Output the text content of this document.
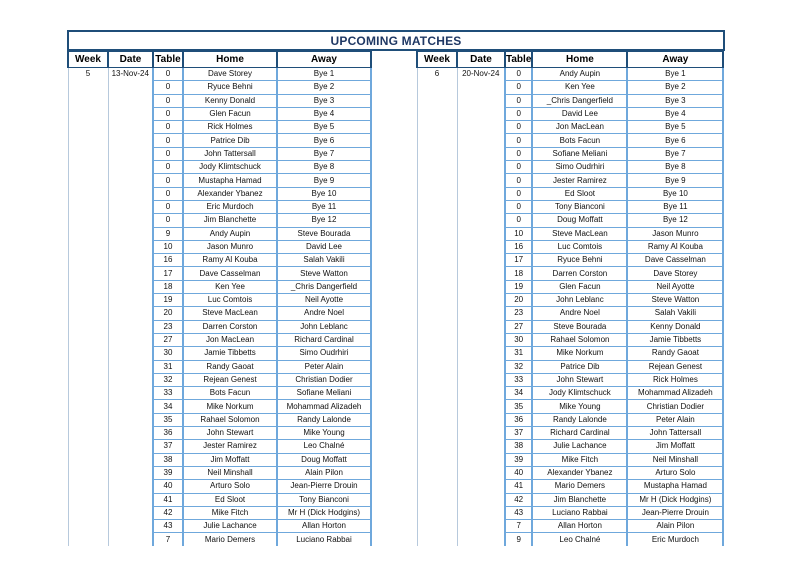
UPCOMING MATCHES
Week	Date	Table	Home	Away
5	13-Nov-24	0	Dave Storey	Bye 1
		0	Ryuce Behni	Bye 2
		0	Kenny Donald	Bye 3
		0	Glen Facun	Bye 4
		0	Rick Holmes	Bye 5
		0	Patrice Dib	Bye 6
		0	John Tattersall	Bye 7
		0	Jody Klimtschuck	Bye 8
		0	Mustapha Hamad	Bye 9
		0	Alexander Ybanez	Bye 10
		0	Eric Murdoch	Bye 11
		0	Jim Blanchette	Bye 12
		9	Andy Aupin	Steve Bourada
		10	Jason Munro	David Lee
		16	Ramy Al Kouba	Salah Vakili
		17	Dave Casselman	Steve Watton
		18	Ken Yee	_Chris Dangerfield
		19	Luc Comtois	Neil Ayotte
		20	Steve MacLean	Andre Noel
		23	Darren Corston	John Leblanc
		27	Jon MacLean	Richard Cardinal
		30	Jamie Tibbetts	Simo Oudrhiri
		31	Randy Gaoat	Peter Alain
		32	Rejean Genest	Christian Dodier
		33	Bots Facun	Sofiane Meliani
		34	Mike Norkum	Mohammad Alizadeh
		35	Rahael Solomon	Randy Lalonde
		36	John Stewart	Mike Young
		37	Jester Ramirez	Leo Chalné
		38	Jim Moffatt	Doug Moffatt
		39	Neil Minshall	Alain Pilon
		40	Arturo Solo	Jean-Pierre Drouin
		41	Ed Sloot	Tony Bianconi
		42	Mike Fitch	Mr H (Dick Hodgins)
		43	Julie Lachance	Allan Horton
		7	Mario Demers	Luciano Rabbai
Week	Date	Table	Home	Away
6	20-Nov-24	0	Andy Aupin	Bye 1
		0	Ken Yee	Bye 2
		0	_Chris Dangerfield	Bye 3
		0	David Lee	Bye 4
		0	Jon MacLean	Bye 5
		0	Bots Facun	Bye 6
		0	Sofiane Meliani	Bye 7
		0	Simo Oudrhiri	Bye 8
		0	Jester Ramirez	Bye 9
		0	Ed Sloot	Bye 10
		0	Tony Bianconi	Bye 11
		0	Doug Moffatt	Bye 12
		10	Steve MacLean	Jason Munro
		16	Luc Comtois	Ramy Al Kouba
		17	Ryuce Behni	Dave Casselman
		18	Darren Corston	Dave Storey
		19	Glen Facun	Neil Ayotte
		20	John Leblanc	Steve Watton
		23	Andre Noel	Salah Vakili
		27	Steve Bourada	Kenny Donald
		30	Rahael Solomon	Jamie Tibbetts
		31	Mike Norkum	Randy Gaoat
		32	Patrice Dib	Rejean Genest
		33	John Stewart	Rick Holmes
		34	Jody Klimtschuck	Mohammad Alizadeh
		35	Mike Young	Christian Dodier
		36	Randy Lalonde	Peter Alain
		37	Richard Cardinal	John Tattersall
		38	Julie Lachance	Jim Moffatt
		39	Mike Fitch	Neil Minshall
		40	Alexander Ybanez	Arturo Solo
		41	Mario Demers	Mustapha Hamad
		42	Jim Blanchette	Mr H (Dick Hodgins)
		43	Luciano Rabbai	Jean-Pierre Drouin
		7	Allan Horton	Alain Pilon
		9	Leo Chalné	Eric Murdoch
